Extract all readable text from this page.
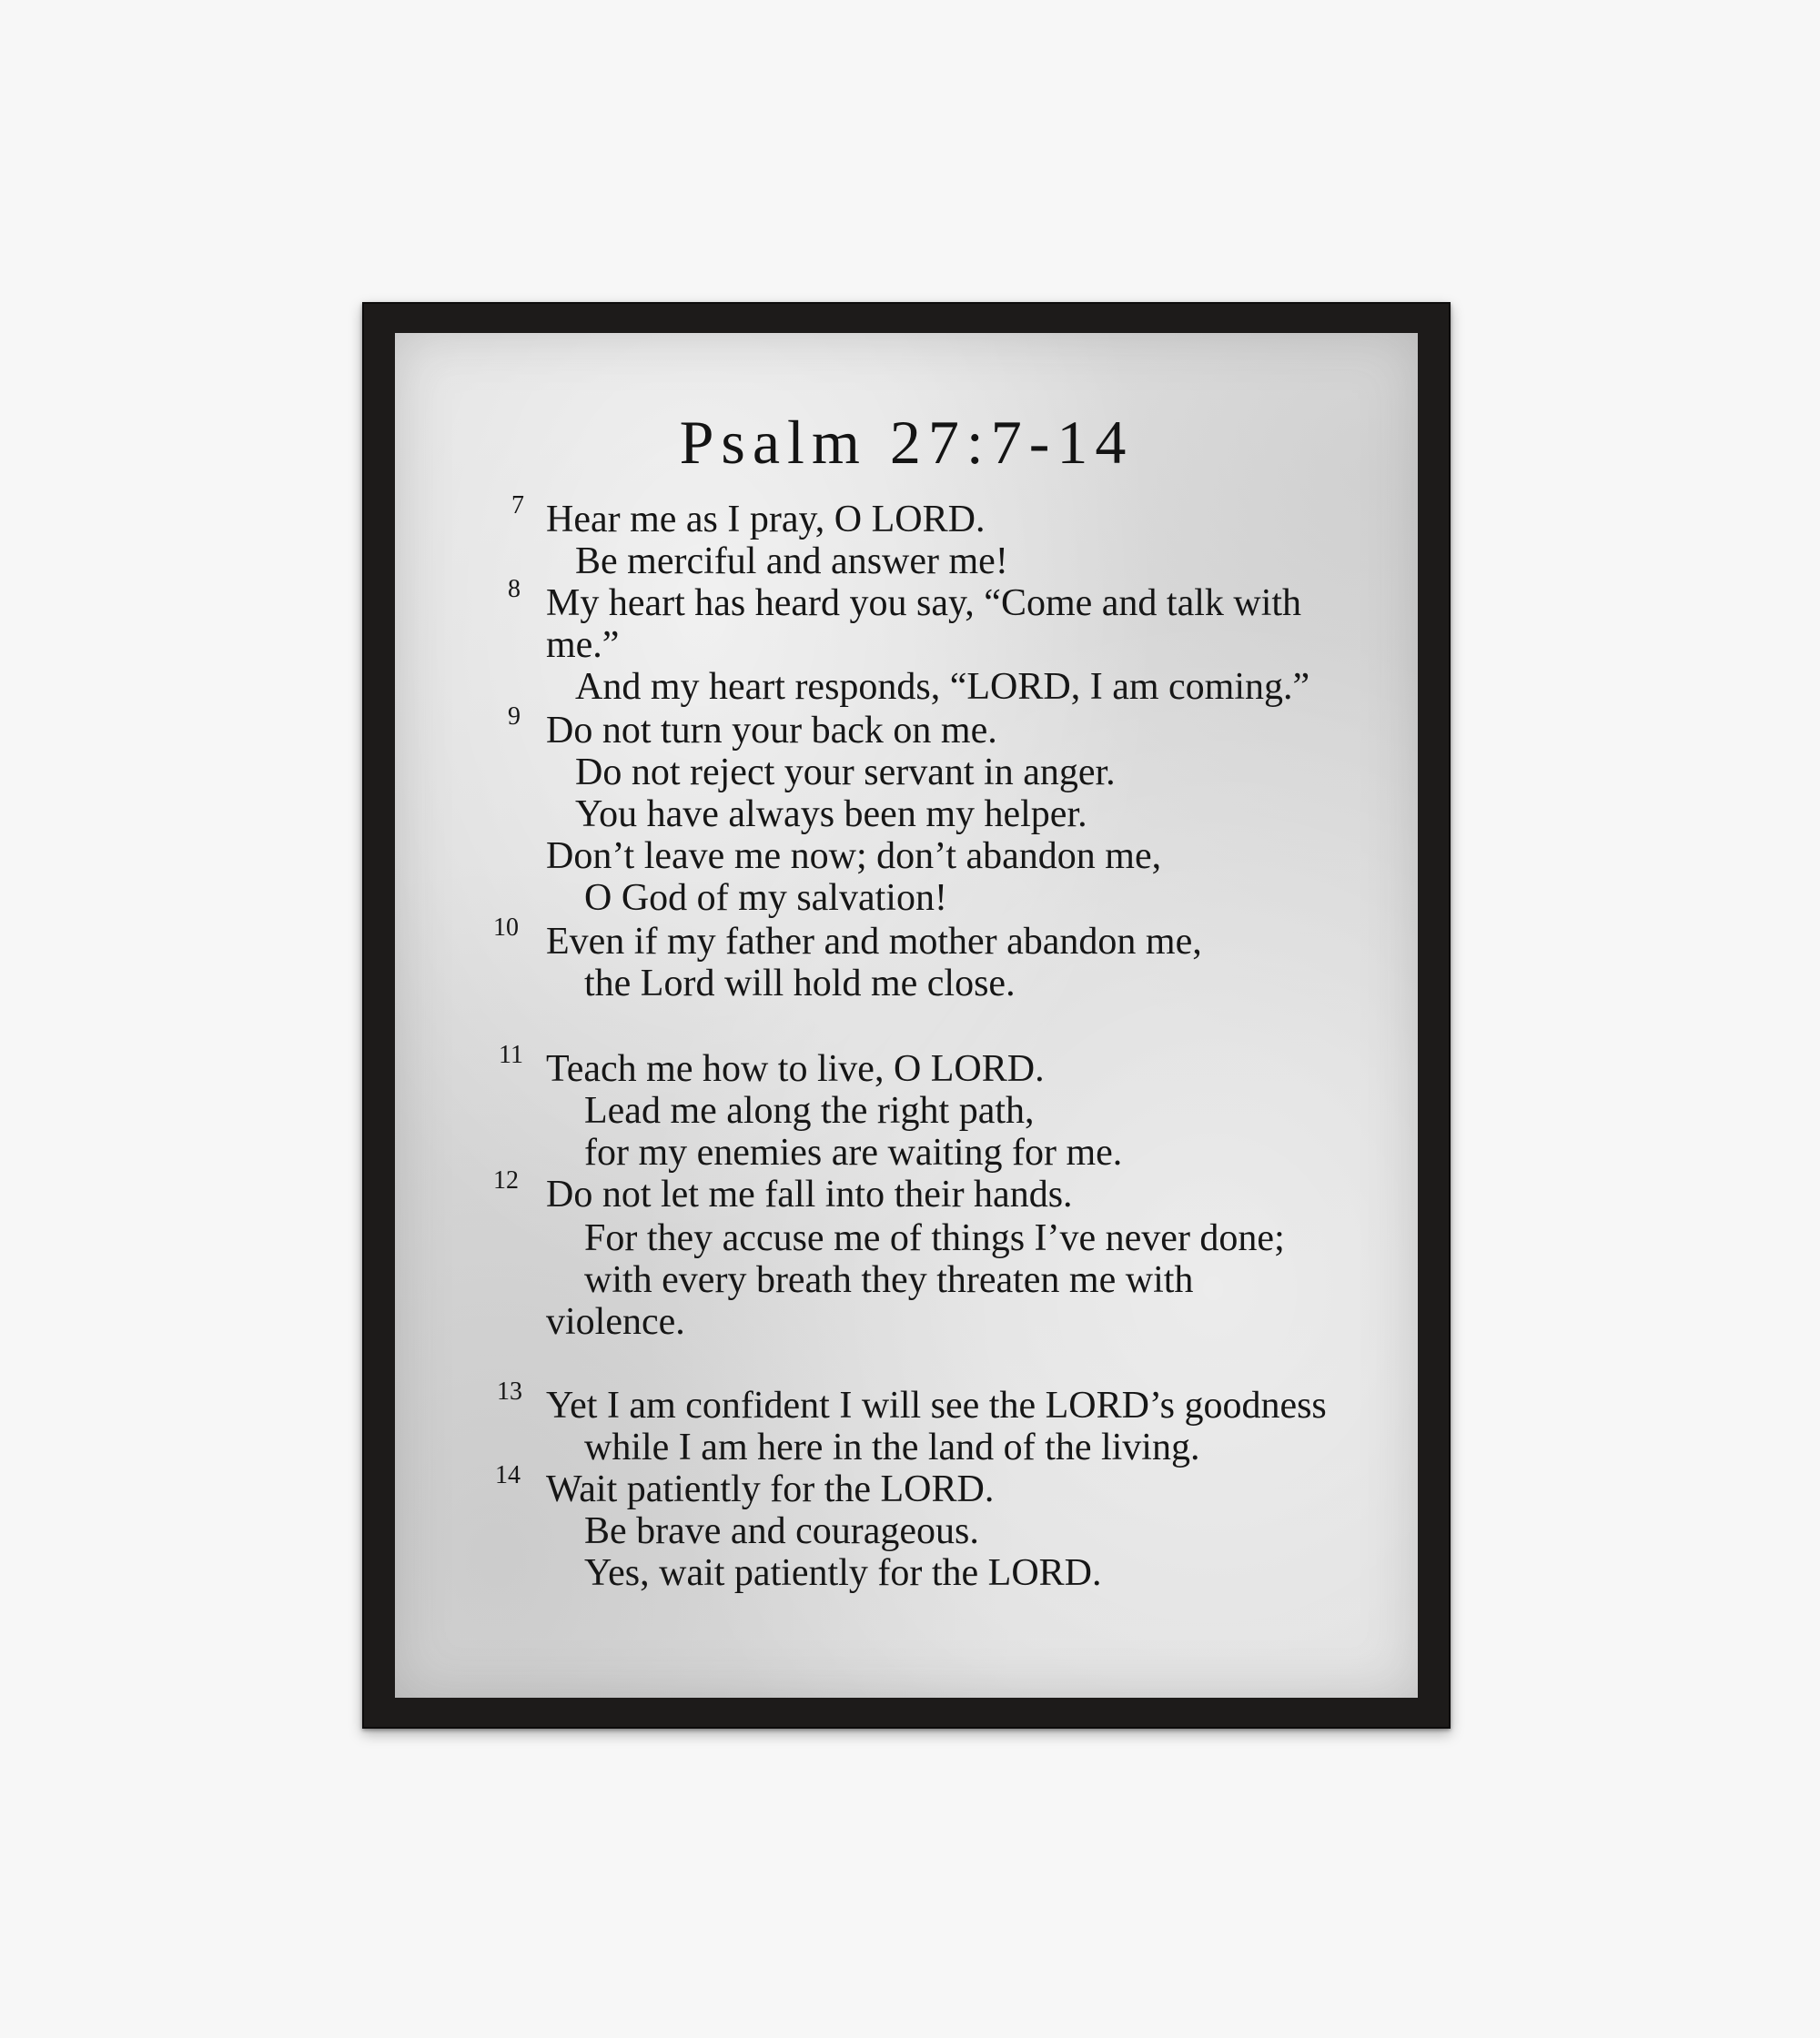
Psalm 27:7-14
7
8
9
10
11
12
13
14
Hear me as I pray, O LORD.
Be merciful and answer me!
My heart has heard you say, “Come and talk with
me.”
And my heart responds, “LORD, I am coming.”
Do not turn your back on me.
Do not reject your servant in anger.
You have always been my helper.
Don’t leave me now; don’t abandon me,
O God of my salvation!
Even if my father and mother abandon me,
the Lord will hold me close.
Teach me how to live, O LORD.
Lead me along the right path,
for my enemies are waiting for me.
Do not let me fall into their hands.
For they accuse me of things I’ve never done;
with every breath they threaten me with
violence.
Yet I am confident I will see the LORD’s goodness
while I am here in the land of the living.
Wait patiently for the LORD.
Be brave and courageous.
Yes, wait patiently for the LORD.
